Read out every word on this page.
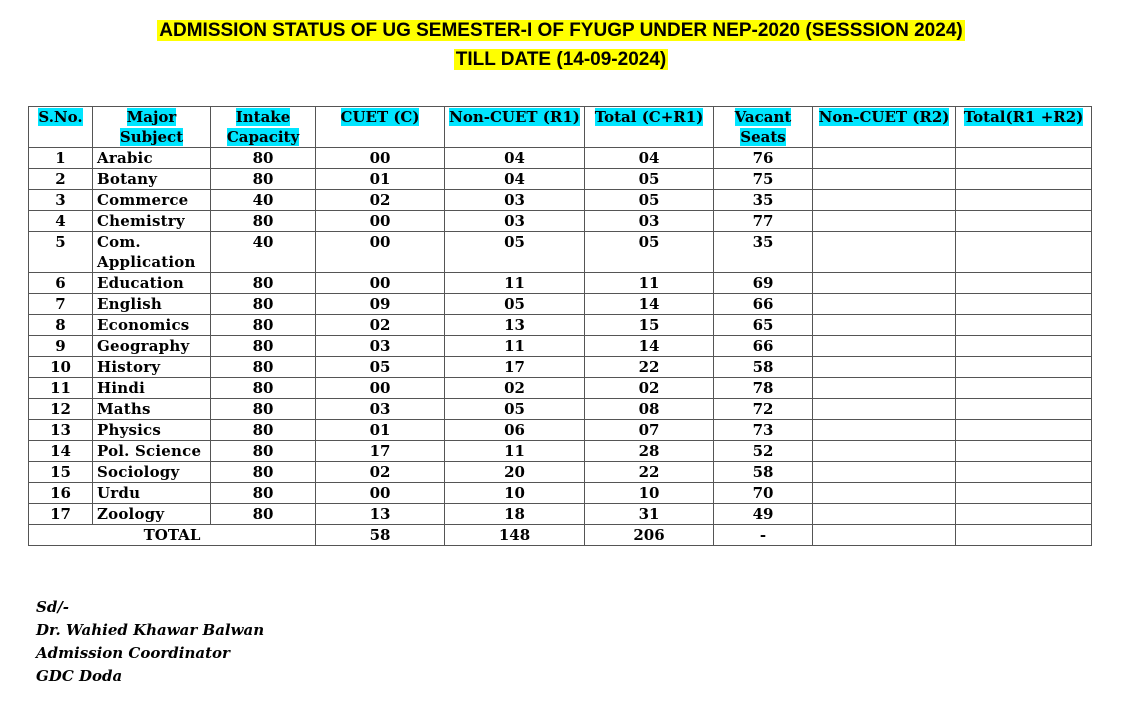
ADMISSION STATUS OF UG SEMESTER-I OF FYUGP UNDER NEP-2020 (SESSSION 2024)
TILL DATE (14-09-2024)
S.No.	Major Subject	Intake Capacity	CUET (C)	Non-CUET (R1)	Total (C+R1)	Vacant Seats	Non-CUET (R2)	Total(R1 +R2)
1	Arabic	80	00	04	04	76		
2	Botany	80	01	04	05	75		
3	Commerce	40	02	03	05	35		
4	Chemistry	80	00	03	03	77		
5	Com. Application	40	00	05	05	35		
6	Education	80	00	11	11	69		
7	English	80	09	05	14	66		
8	Economics	80	02	13	15	65		
9	Geography	80	03	11	14	66		
10	History	80	05	17	22	58		
11	Hindi	80	00	02	02	78		
12	Maths	80	03	05	08	72		
13	Physics	80	01	06	07	73		
14	Pol. Science	80	17	11	28	52		
15	Sociology	80	02	20	22	58		
16	Urdu	80	00	10	10	70		
17	Zoology	80	13	18	31	49		
TOTAL			58	148	206	-		
Sd/-
Dr. Wahied Khawar Balwan
Admission Coordinator
GDC Doda
